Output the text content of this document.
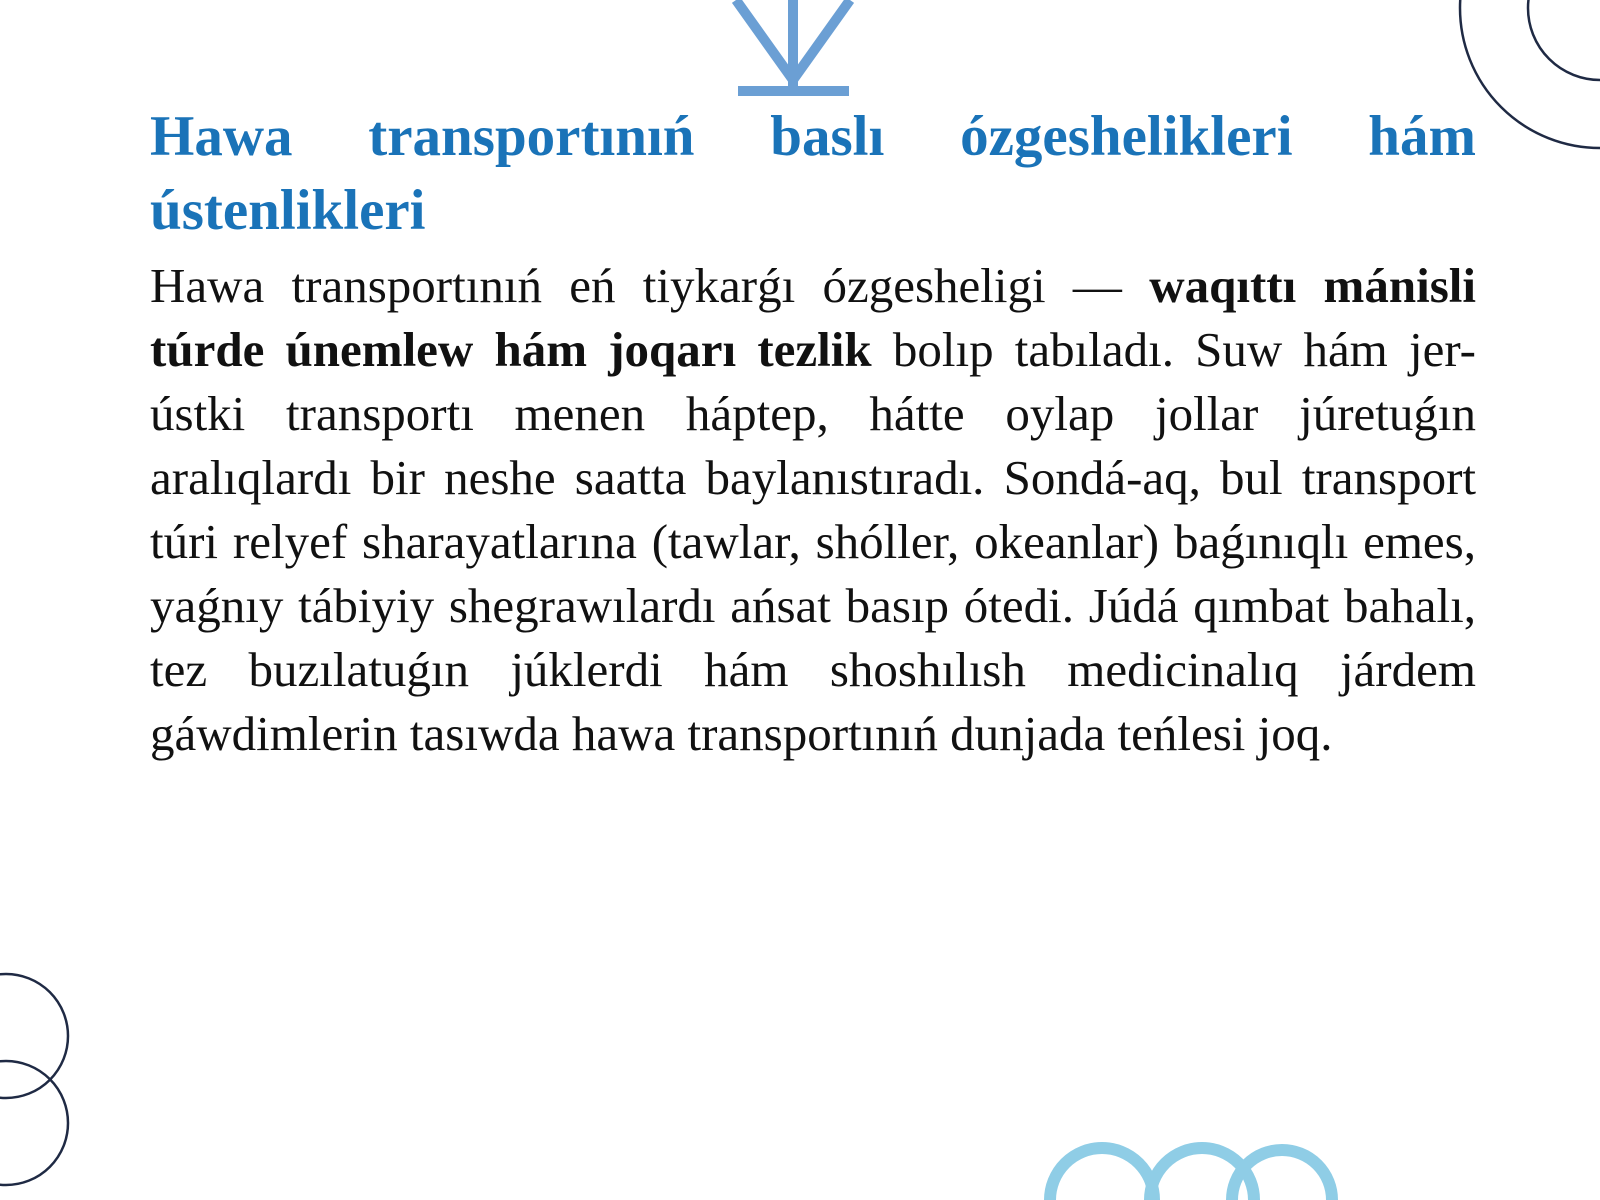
Hawa transportınıń baslı ózgeshelikleri hám ústenlikleri

Hawa transportınıń eń tiykarǵı ózgesheligi — waqıttı mánisli túrde únemlew hám joqarı tezlik bolıp tabıladı. Suw hám jer-ústki transportı menen háptep, hátte oylap jollar júretuǵın aralıqlardı bir neshe saatta baylanıstıradı. Sondá-aq, bul transport túri relyef sharayatlarına (tawlar, shóller, okeanlar) baǵınıqlı emes, yaǵnıy tábiyiy shegrawılardı ańsat basıp ótedi. Júdá qımbat bahalı, tez buzılatuǵın júklerdi hám shoshılısh medicinalıq járdem gáwdimlerin tasıwda hawa transportınıń dunjada teńlesi joq.
